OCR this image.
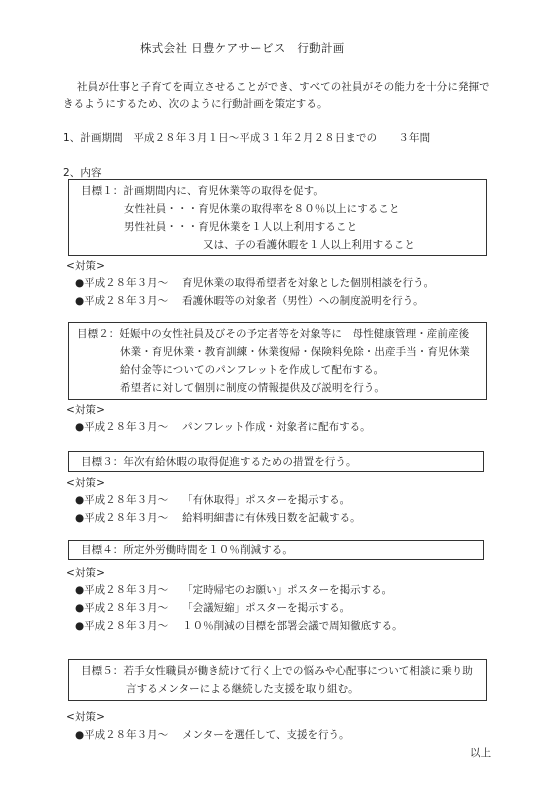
株式会社 日豊ケアサービス　行動計画
社員が仕事と子育てを両立させることができ、すべての社員がその能力を十分に発揮で
きるようにするため、次のように行動計画を策定する。
1、計画期間　平成２８年３月１日～平成３１年２月２８日までの　　３年間
2、内容
目標１：計画期間内に、育児休業等の取得を促す。
女性社員・・・育児休業の取得率を８０％以上にすること
男性社員・・・育児休業を１人以上利用すること
又は、子の看護休暇を１人以上利用すること
<対策>
●平成２８年３月～ 育児休業の取得希望者を対象とした個別相談を行う。
●平成２８年３月～ 看護休暇等の対象者（男性）への制度説明を行う。
目標２：妊娠中の女性社員及びその予定者等を対象等に　母性健康管理・産前産後
休業・育児休業・教育訓練・休業復帰・保険料免除・出産手当・育児休業
給付金等についてのパンフレットを作成して配布する。
希望者に対して個別に制度の情報提供及び説明を行う。
<対策>
●平成２８年３月～ パンフレット作成・対象者に配布する。
目標３：年次有給休暇の取得促進するための措置を行う。
<対策>
●平成２８年３月～ 「有休取得」ポスターを掲示する。
●平成２８年３月～ 給料明細書に有休残日数を記載する。
目標４：所定外労働時間を１０％削減する。
<対策>
●平成２８年３月～ 「定時帰宅のお願い」ポスターを掲示する。
●平成２８年３月～ 「会議短縮」ポスターを掲示する。
●平成２８年３月～ １０％削減の目標を部署会議で周知徹底する。
目標５：若手女性職員が働き続けて行く上での悩みや心配事について相談に乗り助
言するメンターによる継続した支援を取り組む。
<対策>
●平成２８年３月～ メンターを選任して、支援を行う。
以上
